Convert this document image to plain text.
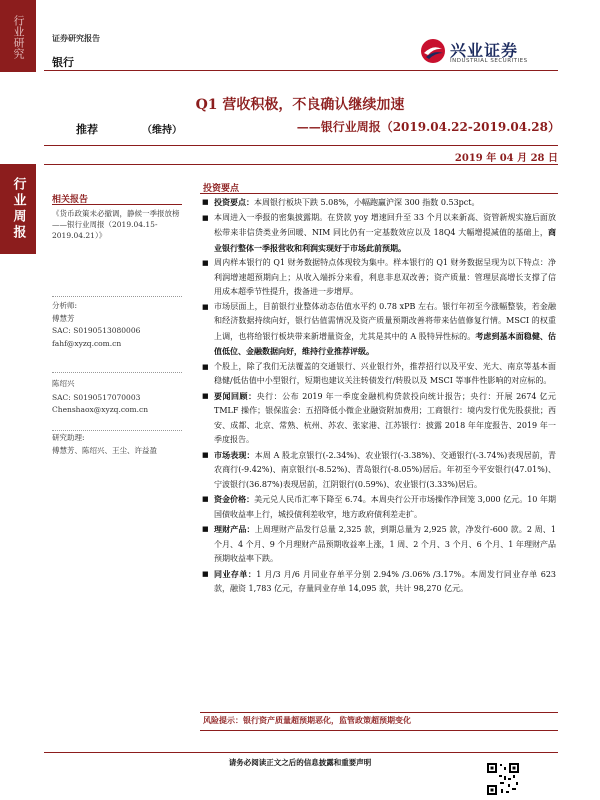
行业研究
行业周报
证券研究报告
银行
兴业证券
INDUSTRIAL SECURITIES
Q1 营收积极，不良确认继续加速
推荐	（维持）	——银行业周报（2019.04.22-2019.04.28）
2019 年 04 月 28 日
相关报告
《货币政策未必撤调，静候一季报放榜——银行业周报（2019.04.15-2019.04.21）》
分析师:
傅慧芳
SAC: S0190513080006
fahf@xyzq.com.cn
陈绍兴
SAC: S0190517070003
Chenshaox@xyzq.com.cn
研究助理:
傅慧芳、陈绍兴、王尘、许益盈
投资要点
■ 投资要点：本周银行板块下跌 5.08%，小幅跑赢沪深 300 指数 0.53pct。
■ 本周进入一季报的密集披露期。在贷款 yoy 增速回升至 33 个月以来新高、资管新规实施后面放松带来非信贷类业务回暖、NIM 同比仍有一定基数效应以及 18Q4 大幅增提减值的基础上，商业银行整体一季报营收和利润实现好于市场此前预期。
■ 周内样本银行的 Q1 财务数据特点体现较为集中。样本银行的 Q1 财务数据呈现为以下特点：净利润增速超预期向上；从收入端拆分来看，利息非息双改善；资产质量：管理层高增长支撑了信用成本超季节性提升，拨备进一步增厚。
■ 市场层面上，目前银行业整体动态估值水平约 0.78 xPB 左右。银行年初至今涨幅整装，若金融和经济数据持续向好，银行估值需情况及资产质量预期改善将带来估值修复行情。MSCI 的权重上调，也将给银行板块带来新增量资金，尤其是其中的 A 股特异性标的。考虑到基本面稳健、估值低位、金融数据向好，维持行业推荐评级。
■ 个股上，除了我们无法覆盖的交通银行、兴业银行外，推荐招行以及平安、光大、南京等基本面稳健/低估值中小型银行，短期也建议关注转债发行/转股以及 MSCI 等事件性影响的对应标的。
■ 要闻回顾：央行：公布 2019 年一季度金融机构贷款投向统计报告；央行：开展 2674 亿元 TMLF 操作；银保监会：五招降低小微企业融资附加费用；工商银行：境内发行优先股获批；西安、成都、北京、常熟、杭州、苏农、张家港、江苏银行：披露 2018 年年度报告、2019 年一季度报告。
■ 市场表现：本周 A 股北京银行(-2.34%)、农业银行(-3.38%)、交通银行(-3.74%)表现居前，青农商行(-9.42%)、南京银行(-8.52%)、青岛银行(-8.05%)居后。年初至今平安银行(47.01%)、宁波银行(36.87%)表现居前，江阴银行(0.59%)、农业银行(3.33%)居后。
■ 资金价格：美元兑人民币汇率下降至 6.74。本周央行公开市场操作净回笼 3,000 亿元。10 年期国债收益率上行，城投债利差收窄，地方政府债利差走扩。
■ 理财产品：上周理财产品发行总量 2,325 款，到期总量为 2,925 款，净发行-600 款。2 周、1 个月、4 个月、9 个月理财产品预期收益率上涨，1 周、2 个月、3 个月、6 个月、1 年理财产品预期收益率下跌。
■ 同业存单：1 月/3 月/6 月同业存单平分别 2.94% /3.06% /3.17%。本周发行同业存单 623 款，融资 1,783 亿元，存量同业存单 14,095 款，共计 98,270 亿元。
风险提示：银行资产质量超预期恶化，监管政策超预期变化
请务必阅读正文之后的信息披露和重要声明
